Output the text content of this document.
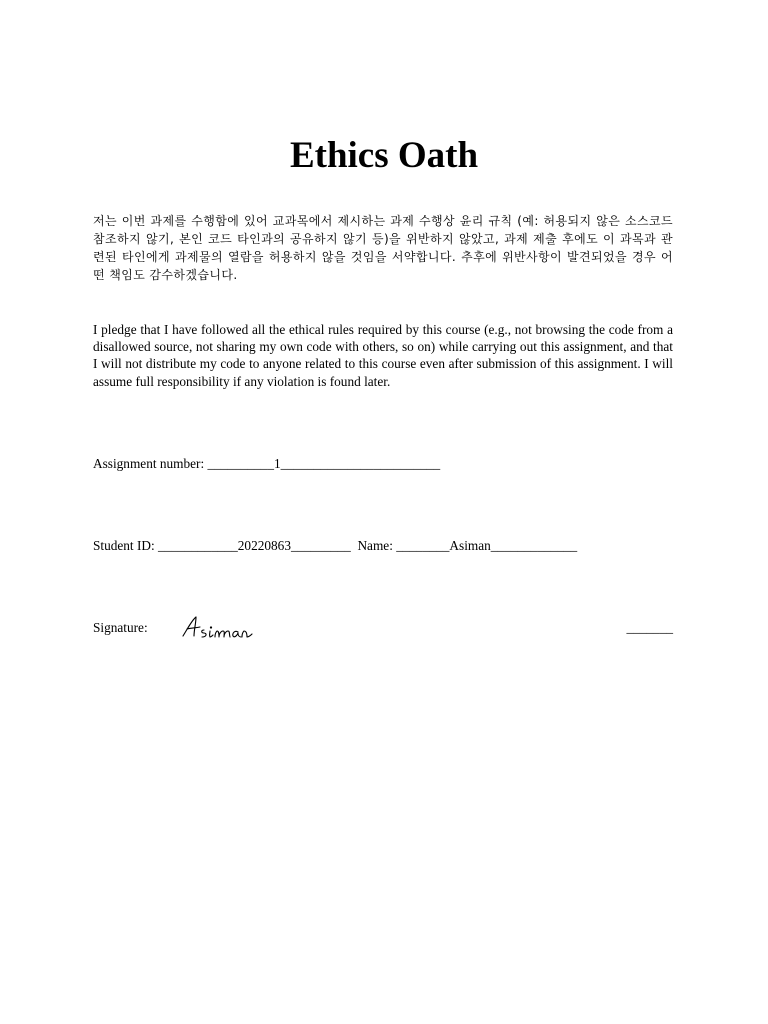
Ethics Oath
저는 이번 과제를 수행함에 있어 교과목에서 제시하는 과제 수행상 윤리 규칙 (예: 허용되지 않은 소스코드 참조하지 않기, 본인 코드 타인과의 공유하지 않기 등)을 위반하지 않았고, 과제 제출 후에도 이 과목과 관련된 타인에게 과제물의 열람을 허용하지 않을 것임을 서약합니다. 추후에 위반사항이 발견되었을 경우 어떤 책임도 감수하겠습니다.
I pledge that I have followed all the ethical rules required by this course (e.g., not browsing the code from a disallowed source, not sharing my own code with others, so on) while carrying out this assignment, and that I will not distribute my code to anyone related to this course even after submission of this assignment. I will assume full responsibility if any violation is found later.
Assignment number: __________1________________________
Student ID: ____________20220863_________  Name: ________Asiman_____________
Signature:	_______
